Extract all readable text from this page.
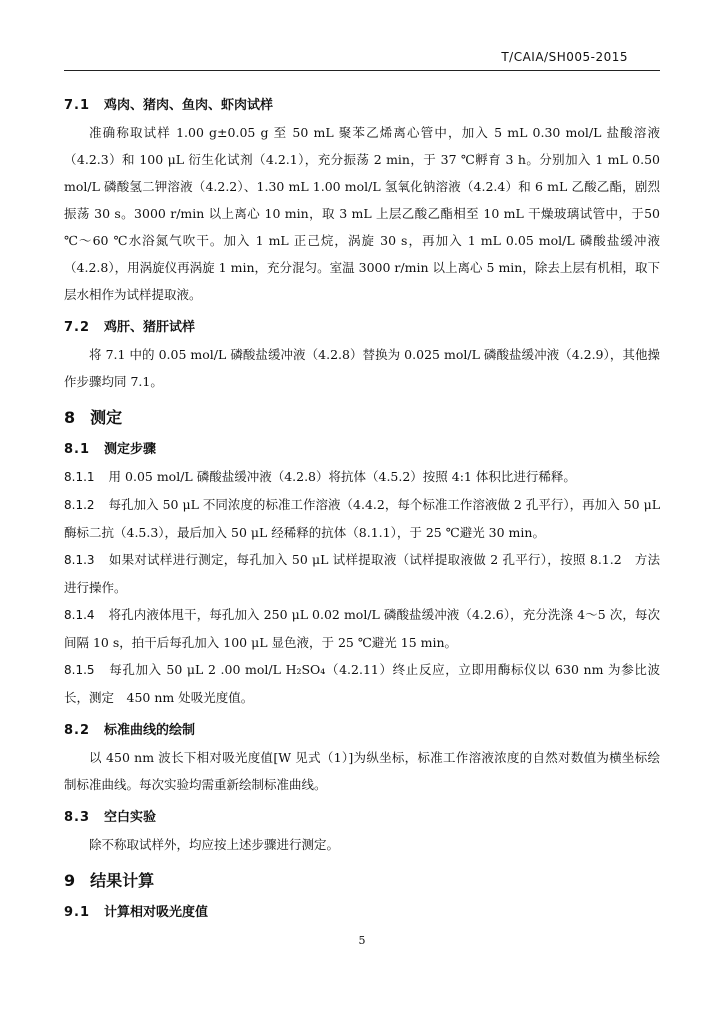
T/CAIA/SH005-2015
7.1 鸡肉、猪肉、鱼肉、虾肉试样

准确称取试样 1.00 g±0.05 g 至 50 mL 聚苯乙烯离心管中，加入 5 mL 0.30 mol/L 盐酸溶液（4.2.3）和 100 μL 衍生化试剂（4.2.1），充分振荡 2 min，于 37 ℃孵育 3 h。分别加入 1 mL 0.50 mol/L 磷酸氢二钾溶液（4.2.2）、1.30 mL 1.00 mol/L 氢氧化钠溶液（4.2.4）和 6 mL 乙酸乙酯，剧烈振荡 30 s。3000 r/min 以上离心 10 min，取 3 mL 上层乙酸乙酯相至 10 mL 干燥玻璃试管中，于50 ℃～60 ℃水浴氮气吹干。加入 1 mL 正己烷，涡旋 30 s，再加入 1 mL 0.05 mol/L 磷酸盐缓冲液（4.2.8），用涡旋仪再涡旋 1 min，充分混匀。室温 3000 r/min 以上离心 5 min，除去上层有机相，取下层水相作为试样提取液。

7.2 鸡肝、猪肝试样

将 7.1 中的 0.05 mol/L 磷酸盐缓冲液（4.2.8）替换为 0.025 mol/L 磷酸盐缓冲液（4.2.9），其他操作步骤均同 7.1。

8 测定
8.1 测定步骤

8.1.1 用 0.05 mol/L 磷酸盐缓冲液（4.2.8）将抗体（4.5.2）按照 4:1 体积比进行稀释。

8.1.2 每孔加入 50 μL 不同浓度的标准工作溶液（4.4.2，每个标准工作溶液做 2 孔平行），再加入 50 μL 酶标二抗（4.5.3），最后加入 50 μL 经稀释的抗体（8.1.1），于 25 ℃避光 30 min。

8.1.3 如果对试样进行测定，每孔加入 50 μL 试样提取液（试样提取液做 2 孔平行），按照 8.1.2　方法进行操作。

8.1.4 将孔内液体甩干，每孔加入 250 μL 0.02 mol/L 磷酸盐缓冲液（4.2.6），充分洗涤 4～5 次，每次间隔 10 s，拍干后每孔加入 100 μL 显色液，于 25 ℃避光 15 min。

8.1.5 每孔加入 50 μL 2 .00 mol/L H₂SO₄（4.2.11）终止反应，立即用酶标仪以 630 nm 为参比波长，测定　450 nm 处吸光度值。

8.2 标准曲线的绘制

以 450 nm 波长下相对吸光度值[W 见式（1）]为纵坐标，标准工作溶液浓度的自然对数值为横坐标绘制标准曲线。每次实验均需重新绘制标准曲线。

8.3 空白实验

除不称取试样外，均应按上述步骤进行测定。

9 结果计算
9.1 计算相对吸光度值
5
